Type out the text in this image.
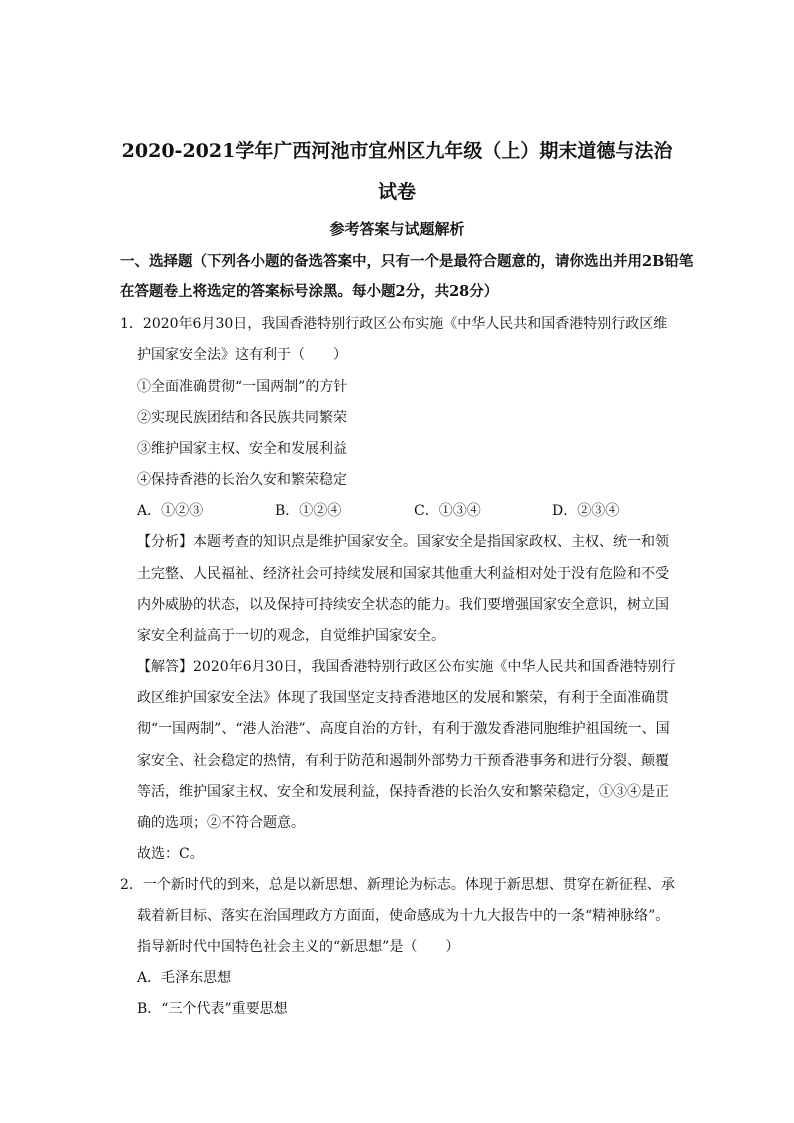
2020-2021学年广西河池市宜州区九年级（上）期末道德与法治
试卷
参考答案与试题解析
一、选择题（下列各小题的备选答案中，只有一个是最符合题意的，请你选出并用2B铅笔
在答题卷上将选定的答案标号涂黑。每小题2分，共28分）
1．2020年6月30日，我国香港特别行政区公布实施《中华人民共和国香港特别行政区维
护国家安全法》这有利于（　　）
①全面准确贯彻“一国两制”的方针
②实现民族团结和各民族共同繁荣
③维护国家主权、安全和发展利益
④保持香港的长治久安和繁荣稳定
A．①②③	B．①②④	C．①③④	D．②③④
【分析】本题考查的知识点是维护国家安全。国家安全是指国家政权、主权、统一和领
土完整、人民福祉、经济社会可持续发展和国家其他重大利益相对处于没有危险和不受
内外威胁的状态，以及保持可持续安全状态的能力。我们要增强国家安全意识，树立国
家安全利益高于一切的观念，自觉维护国家安全。
【解答】2020年6月30日，我国香港特别行政区公布实施《中华人民共和国香港特别行
政区维护国家安全法》体现了我国坚定支持香港地区的发展和繁荣，有利于全面准确贯
彻“一国两制”、“港人治港”、高度自治的方针，有利于激发香港同胞维护祖国统一、国
家安全、社会稳定的热情，有利于防范和遏制外部势力干预香港事务和进行分裂、颠覆
等活，维护国家主权、安全和发展利益，保持香港的长治久安和繁荣稳定，①③④是正
确的选项；②不符合题意。
故选：C。
2．一个新时代的到来，总是以新思想、新理论为标志。体现于新思想、贯穿在新征程、承
载着新目标、落实在治国理政方方面面，使命感成为十九大报告中的一条“精神脉络”。
指导新时代中国特色社会主义的“新思想”是（　　）
A．毛泽东思想
B．“三个代表”重要思想
